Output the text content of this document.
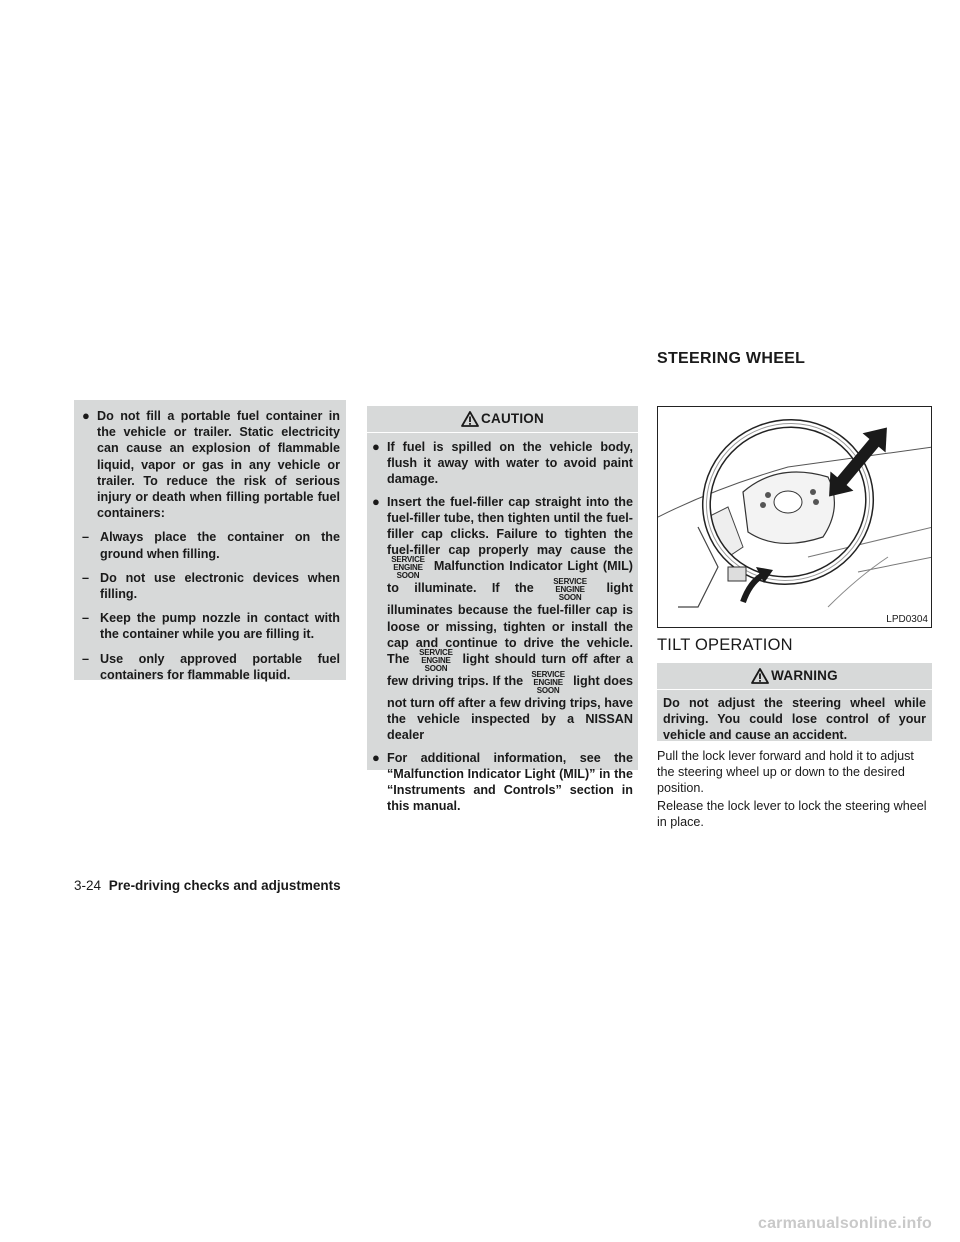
● Do not fill a portable fuel container in the vehicle or trailer. Static electricity can cause an explosion of flammable liquid, vapor or gas in any vehicle or trailer. To reduce the risk of serious injury or death when filling portable fuel containers:
– Always place the container on the ground when filling.
– Do not use electronic devices when filling.
– Keep the pump nozzle in contact with the container while you are filling it.
– Use only approved portable fuel containers for flammable liquid.
CAUTION
● If fuel is spilled on the vehicle body, flush it away with water to avoid paint damage.
● Insert the fuel-filler cap straight into the fuel-filler tube, then tighten until the fuel-filler cap clicks. Failure to tighten the fuel-filler cap properly may cause the
SERVICE
ENGINE
SOON
Malfunction Indicator Light (MIL) to illuminate. If the	SERVICE
ENGINE
SOON
light illuminates because the fuel-filler cap is loose or missing, tighten or install the cap and continue to drive the vehicle. The	SERVICE
ENGINE
SOON
light should turn off after a few driving trips. If the	SERVICE
ENGINE
SOON
light does not turn off after a few driving trips, have the vehicle inspected by a NISSAN dealer
● For additional information, see the “Malfunction Indicator Light (MIL)” in the “Instruments and Controls” section in this manual.
STEERING WHEEL
LPD0304
TILT OPERATION
WARNING
Do not adjust the steering wheel while driving. You could lose control of your vehicle and cause an accident.
Pull the lock lever forward and hold it to adjust the steering wheel up or down to the desired position.
Release the lock lever to lock the steering wheel in place.
3-24 Pre-driving checks and adjustments
carmanualsonline.info
